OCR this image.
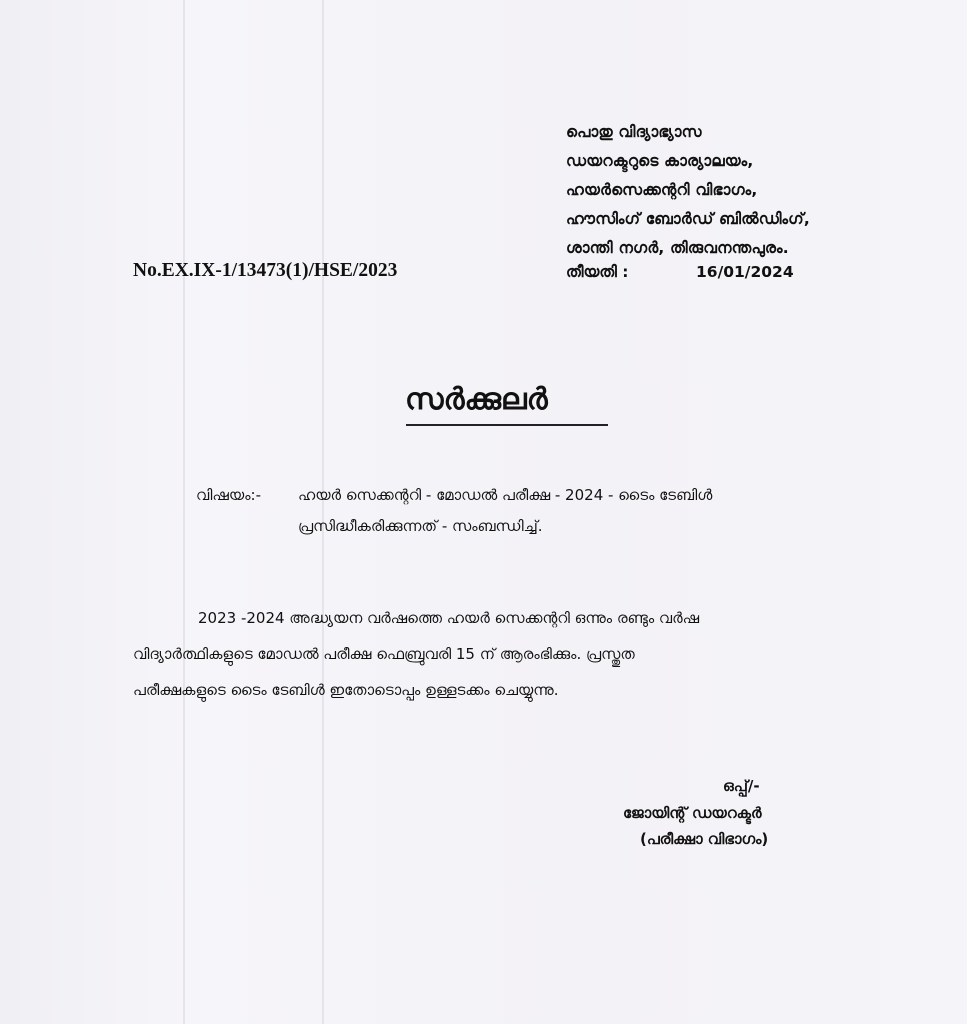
പൊതു വിദ്യാഭ്യാസ
ഡയറക്ടറുടെ കാര്യാലയം,
ഹയർസെക്കന്ററി വിഭാഗം,
ഹൗസിംഗ് ബോർഡ് ബിൽഡിംഗ്,
ശാന്തി നഗർ, തിരുവനന്തപുരം.
No.EX.IX-1/13473(1)/HSE/2023	തീയതി :	16/01/2024
സർക്കുലർ
വിഷയം:- ഹയർ സെക്കന്ററി - മോഡൽ പരീക്ഷ - 2024 - ടൈം ടേബിൾ
പ്രസിദ്ധീകരിക്കുന്നത് - സംബന്ധിച്ച്.
2023 -2024 അദ്ധ്യയന വർഷത്തെ ഹയർ സെക്കന്ററി ഒന്നും രണ്ടും വർഷ
വിദ്യാർത്ഥികളുടെ മോഡൽ പരീക്ഷ ഫെബ്രുവരി 15 ന് ആരംഭിക്കും. പ്രസ്തുത
പരീക്ഷകളുടെ ടൈം ടേബിൾ ഇതോടൊപ്പം ഉള്ളടക്കം ചെയ്യുന്നു.
ഒപ്പ്/-
ജോയിന്റ് ഡയറക്ടർ
(പരീക്ഷാ വിഭാഗം)
